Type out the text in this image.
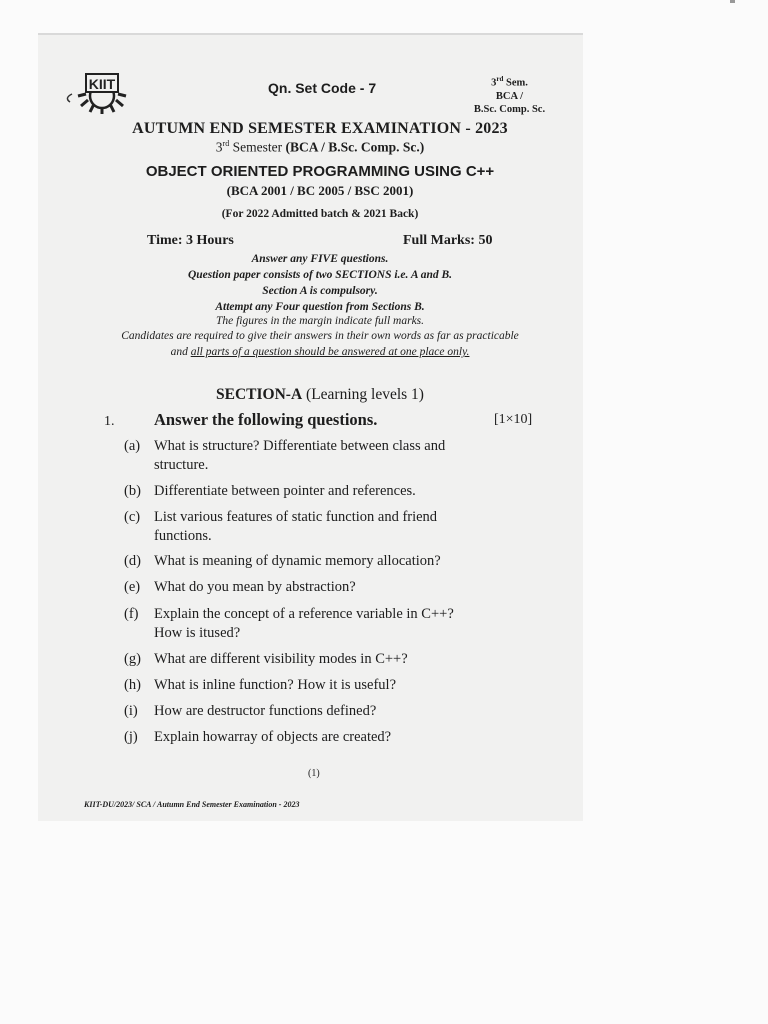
KIIT	Qn. Set Code - 7	3rd Sem.
BCA /
B.Sc. Comp. Sc.
AUTUMN END SEMESTER EXAMINATION - 2023
3rd Semester (BCA / B.Sc. Comp. Sc.)
OBJECT ORIENTED PROGRAMMING USING C++
(BCA 2001 / BC 2005 / BSC 2001)
(For 2022 Admitted batch & 2021 Back)
Time: 3 Hours	Full Marks: 50
Answer any FIVE questions.
Question paper consists of two SECTIONS i.e. A and B.
Section A is compulsory.
Attempt any Four question from Sections B.
The figures in the margin indicate full marks.
Candidates are required to give their answers in their own words as far as practicable
and all parts of a question should be answered at one place only.
SECTION-A (Learning levels 1)
1. Answer the following questions.	[1×10]
(a) What is structure? Differentiate between class and
structure.
(b) Differentiate between pointer and references.
(c) List various features of static function and friend
functions.
(d) What is meaning of dynamic memory allocation?
(e) What do you mean by abstraction?
(f) Explain the concept of a reference variable in C++?
How is itused?
(g) What are different visibility modes in C++?
(h) What is inline function? How it is useful?
(i) How are destructor functions defined?
(j) Explain howarray of objects are created?
(1)
KIIT-DU/2023/ SCA / Autumn End Semester Examination - 2023
